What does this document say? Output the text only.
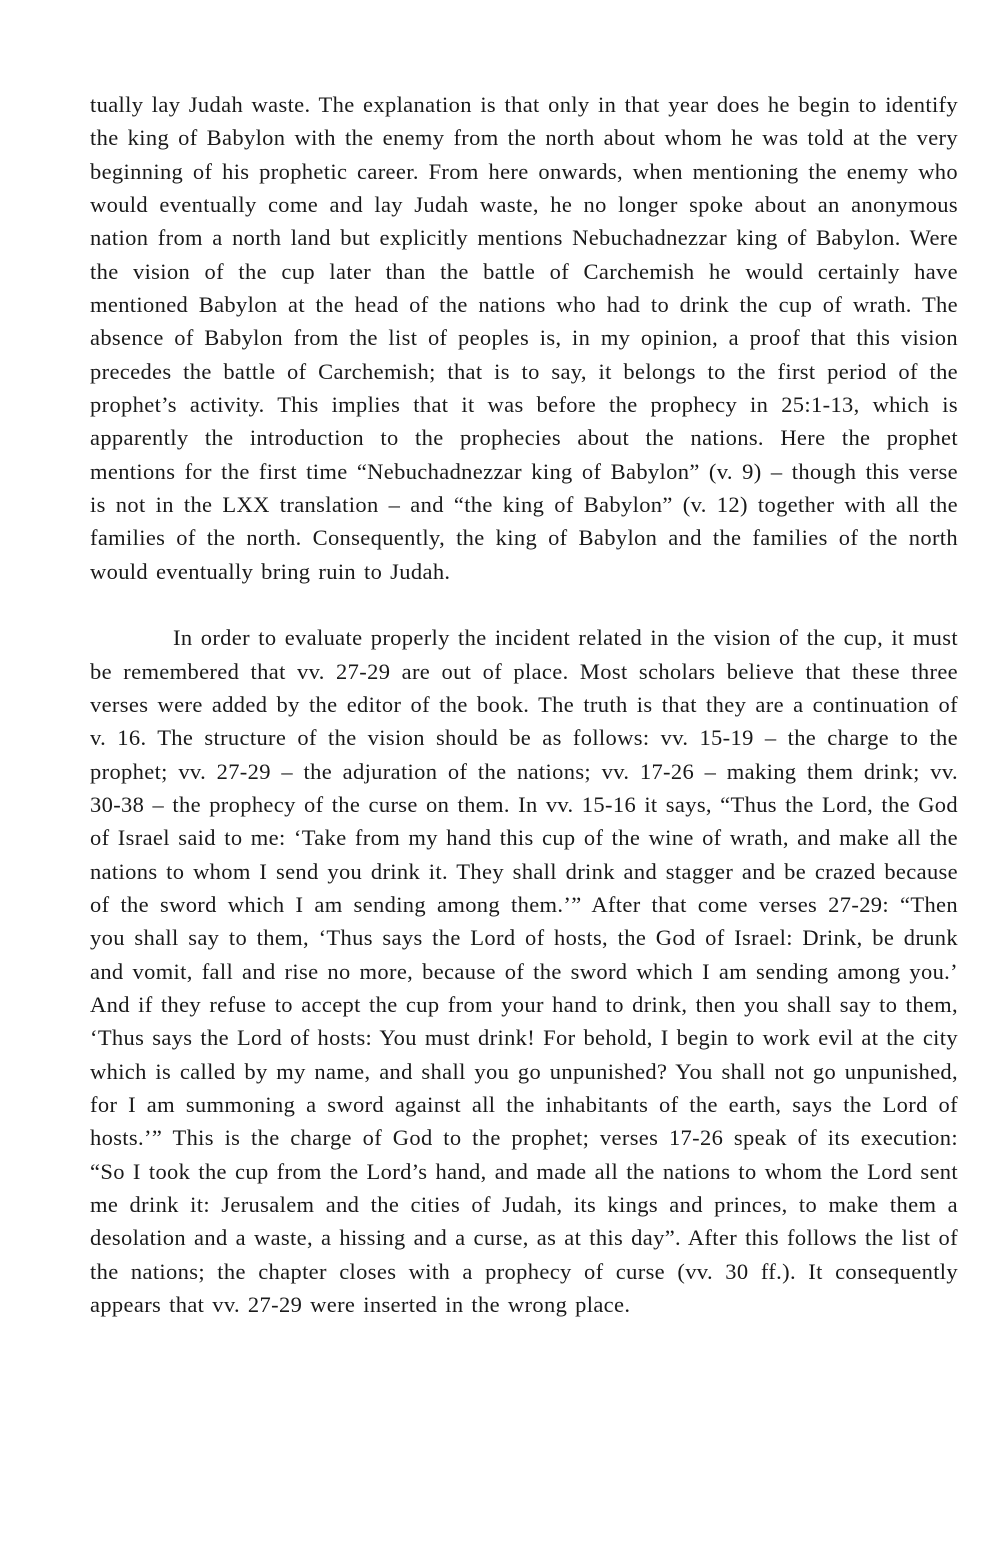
tually lay Judah waste. The explanation is that only in that year does he begin to identify the king of Babylon with the enemy from the north about whom he was told at the very beginning of his prophetic career. From here onwards, when mentioning the enemy who would eventually come and lay Judah waste, he no longer spoke about an anonymous nation from a north land but explicitly mentions Nebuchadnezzar king of Babylon. Were the vision of the cup later than the battle of Carchemish he would certainly have mentioned Babylon at the head of the nations who had to drink the cup of wrath. The absence of Babylon from the list of peoples is, in my opinion, a proof that this vision precedes the battle of Carchemish; that is to say, it belongs to the first period of the prophet’s activity. This implies that it was before the prophecy in 25:1-13, which is apparently the introduction to the prophecies about the nations. Here the prophet mentions for the first time “Nebuchadnezzar king of Babylon” (v. 9) – though this verse is not in the LXX translation – and “the king of Babylon” (v. 12) together with all the families of the north. Consequently, the king of Babylon and the families of the north would eventually bring ruin to Judah.

In order to evaluate properly the incident related in the vision of the cup, it must be remembered that vv. 27-29 are out of place. Most scholars believe that these three verses were added by the editor of the book. The truth is that they are a continuation of v. 16. The structure of the vision should be as follows: vv. 15-19 – the charge to the prophet; vv. 27-29 – the adjuration of the nations; vv. 17-26 – making them drink; vv. 30-38 – the prophecy of the curse on them. In vv. 15-16 it says, “Thus the Lord, the God of Israel said to me: ‘Take from my hand this cup of the wine of wrath, and make all the nations to whom I send you drink it. They shall drink and stagger and be crazed because of the sword which I am sending among them.’” After that come verses 27-29: “Then you shall say to them, ‘Thus says the Lord of hosts, the God of Israel: Drink, be drunk and vomit, fall and rise no more, because of the sword which I am sending among you.’ And if they refuse to accept the cup from your hand to drink, then you shall say to them, ‘Thus says the Lord of hosts: You must drink! For behold, I begin to work evil at the city which is called by my name, and shall you go unpunished? You shall not go unpunished, for I am summoning a sword against all the inhabitants of the earth, says the Lord of hosts.’” This is the charge of God to the prophet; verses 17-26 speak of its execution: “So I took the cup from the Lord’s hand, and made all the nations to whom the Lord sent me drink it: Jerusalem and the cities of Judah, its kings and princes, to make them a desolation and a waste, a hissing and a curse, as at this day”. After this follows the list of the nations; the chapter closes with a prophecy of curse (vv. 30 ff.). It consequently appears that vv. 27-29 were inserted in the wrong place.
